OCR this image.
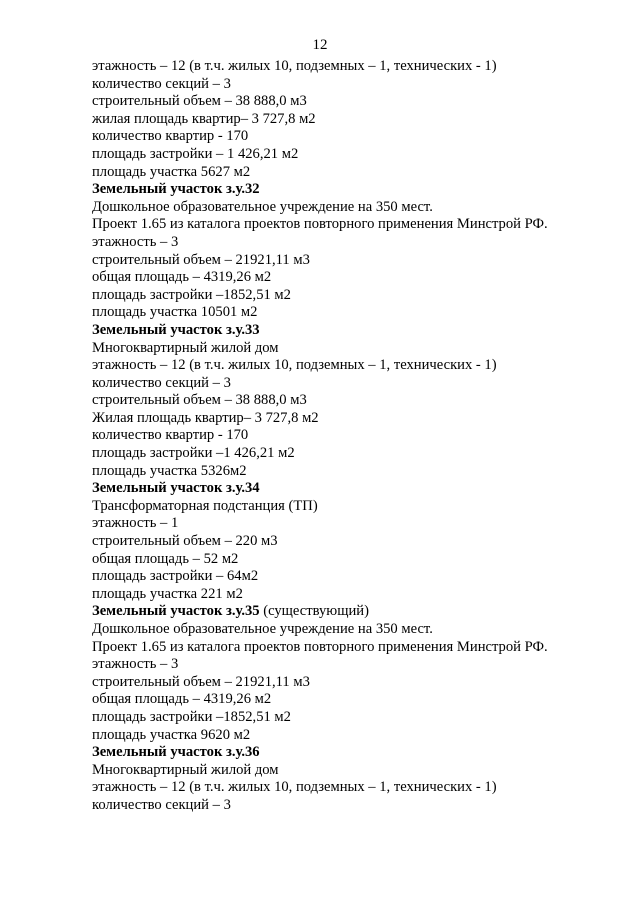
12
этажность – 12 (в т.ч. жилых 10, подземных – 1, технических - 1)
количество секций – 3
строительный объем – 38 888,0 м3
жилая площадь квартир– 3 727,8 м2
количество квартир - 170
площадь застройки – 1 426,21 м2
площадь участка 5627 м2
Земельный участок з.у.32
Дошкольное образовательное учреждение на 350 мест.
Проект 1.65 из каталога проектов повторного применения Минстрой РФ.
этажность – 3
строительный объем – 21921,11 м3
общая площадь – 4319,26 м2
площадь застройки –1852,51 м2
площадь участка 10501 м2
Земельный участок з.у.33
Многоквартирный жилой дом
этажность – 12 (в т.ч. жилых 10, подземных – 1, технических - 1)
количество секций – 3
строительный объем – 38 888,0 м3
Жилая площадь квартир– 3 727,8 м2
количество квартир - 170
площадь застройки –1 426,21 м2
площадь участка 5326м2
Земельный участок з.у.34
Трансформаторная подстанция (ТП)
этажность – 1
строительный объем – 220 м3
общая площадь – 52 м2
площадь застройки – 64м2
площадь участка 221 м2
Земельный участок з.у.35 (существующий)
Дошкольное образовательное учреждение на 350 мест.
Проект 1.65 из каталога проектов повторного применения Минстрой РФ.
этажность – 3
строительный объем – 21921,11 м3
общая площадь – 4319,26 м2
площадь застройки –1852,51 м2
площадь участка 9620 м2
Земельный участок з.у.36
Многоквартирный жилой дом
этажность – 12 (в т.ч. жилых 10, подземных – 1, технических - 1)
количество секций – 3
